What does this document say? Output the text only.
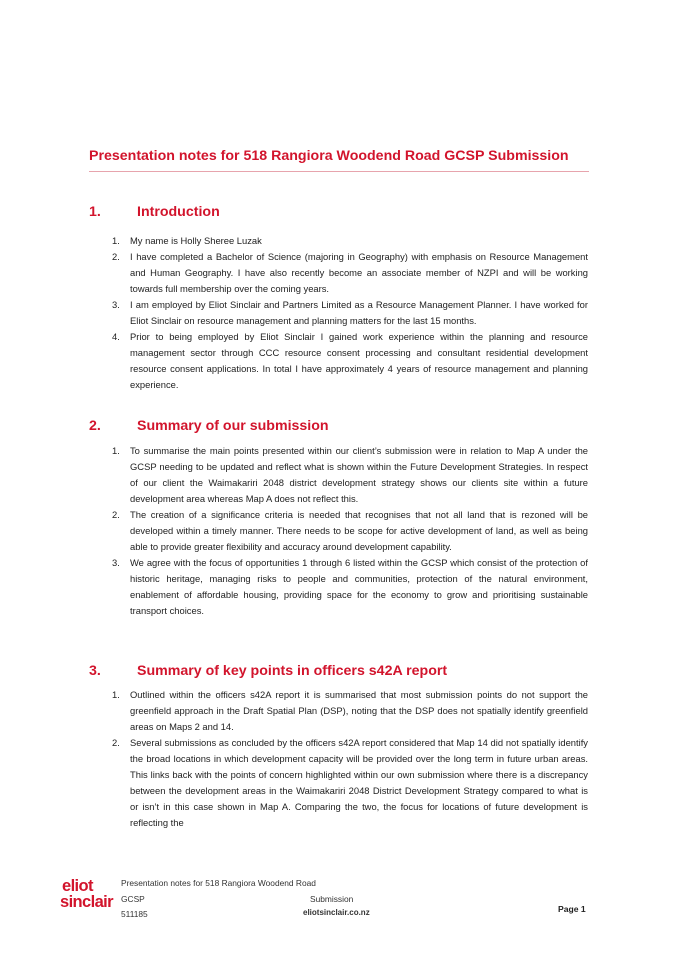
Presentation notes for 518 Rangiora Woodend Road GCSP Submission
1.	Introduction
1. My name is Holly Sheree Luzak
2. I have completed a Bachelor of Science (majoring in Geography) with emphasis on Resource Management and Human Geography. I have also recently become an associate member of NZPI and will be working towards full membership over the coming years.
3. I am employed by Eliot Sinclair and Partners Limited as a Resource Management Planner. I have worked for Eliot Sinclair on resource management and planning matters for the last 15 months.
4. Prior to being employed by Eliot Sinclair I gained work experience within the planning and resource management sector through CCC resource consent processing and consultant residential development resource consent applications. In total I have approximately 4 years of resource management and planning experience.
2.	Summary of our submission
1. To summarise the main points presented within our client’s submission were in relation to Map A under the GCSP needing to be updated and reflect what is shown within the Future Development Strategies. In respect of our client the Waimakariri 2048 district development strategy shows our clients site within a future development area whereas Map A does not reflect this.
2. The creation of a significance criteria is needed that recognises that not all land that is rezoned will be developed within a timely manner. There needs to be scope for active development of land, as well as being able to provide greater flexibility and accuracy around development capability.
3. We agree with the focus of opportunities 1 through 6 listed within the GCSP which consist of the protection of historic heritage, managing risks to people and communities, protection of the natural environment, enablement of affordable housing, providing space for the economy to grow and prioritising sustainable transport choices.
3.	Summary of key points in officers s42A report
1. Outlined within the officers s42A report it is summarised that most submission points do not support the greenfield approach in the Draft Spatial Plan (DSP), noting that the DSP does not spatially identify greenfield areas on Maps 2 and 14.
2. Several submissions as concluded by the officers s42A report considered that Map 14 did not spatially identify the broad locations in which development capacity will be provided over the long term in future urban areas. This links back with the points of concern highlighted within our own submission where there is a discrepancy between the development areas in the Waimakariri 2048 District Development Strategy compared to what is or isn’t in this case shown in Map A. Comparing the two, the focus for locations of future development is reflecting the
eliot
sinclair
Presentation notes for 518 Rangiora Woodend Road
GCSP	Submission
511185	eliotsinclair.co.nz	Page 1
